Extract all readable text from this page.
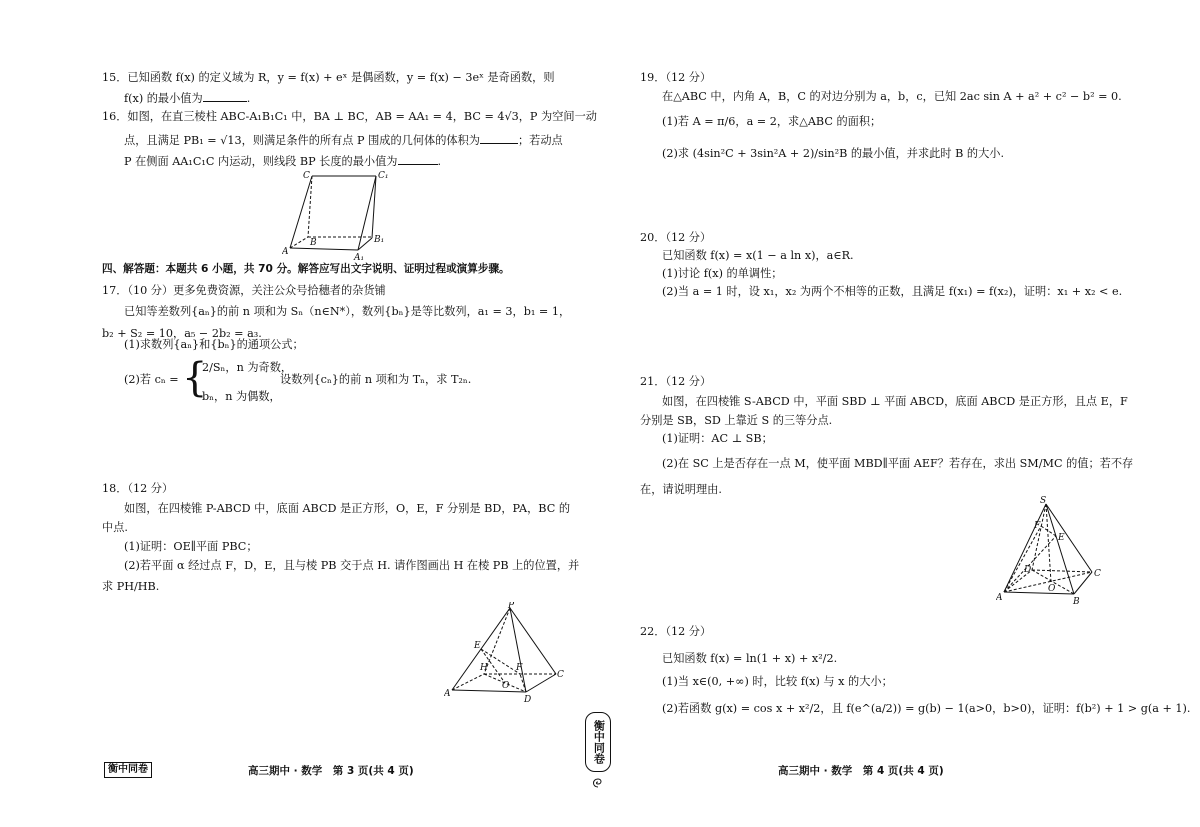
15．已知函数 f(x) 的定义域为 R，y = f(x) + eˣ 是偶函数，y = f(x) − 3eˣ 是奇函数，则
f(x) 的最小值为	.
16．如图，在直三棱柱 ABC-A₁B₁C₁ 中，BA ⊥ BC，AB = AA₁ = 4，BC = 4√3，P 为空间一动
点，且满足 PB₁ = √13，则满足条件的所有点 P 围成的几何体的体积为	；若动点
P 在侧面 AA₁C₁C 内运动，则线段 BP 长度的最小值为	.
C	C₁
A
B	B₁
A₁
四、解答题：本题共 6 小题，共 70 分。解答应写出文字说明、证明过程或演算步骤。
17．（10 分）更多免费资源，关注公众号拾穗者的杂货铺
已知等差数列{aₙ}的前 n 项和为 Sₙ（n∈N*），数列{bₙ}是等比数列，a₁ = 3，b₁ = 1，
b₂ + S₂ = 10，a₅ − 2b₂ = a₃.
(1)求数列{aₙ}和{bₙ}的通项公式；
(2)若 cₙ = {
2/Sₙ，n 为奇数，
bₙ，n 为偶数，
设数列{cₙ}的前 n 项和为 Tₙ，求 T₂ₙ.
18．（12 分）
如图，在四棱锥 P-ABCD 中，底面 ABCD 是正方形，O，E，F 分别是 BD，PA，BC 的
中点.
(1)证明：OE∥平面 PBC；
(2)若平面 α 经过点 F，D，E，且与棱 PB 交于点 H. 请作图画出 H 在棱 PB 上的位置，并
求 PH/HB.
P
E
H	F
O
A
D
C
19．（12 分）
在△ABC 中，内角 A，B，C 的对边分别为 a，b，c，已知 2ac sin A + a² + c² − b² = 0.
(1)若 A = π/6，a = 2，求△ABC 的面积；
(2)求 (4sin²C + 3sin²A + 2)/sin²B 的最小值，并求此时 B 的大小.
20．（12 分）
已知函数 f(x) = x(1 − a ln x)，a∈R.
(1)讨论 f(x) 的单调性；
(2)当 a = 1 时，设 x₁，x₂ 为两个不相等的正数，且满足 f(x₁) = f(x₂)，证明：x₁ + x₂ < e.
21．（12 分）
如图，在四棱锥 S-ABCD 中，平面 SBD ⊥ 平面 ABCD，底面 ABCD 是正方形，且点 E，F
分别是 SB，SD 上靠近 S 的三等分点.
(1)证明：AC ⊥ SB；
(2)在 SC 上是否存在一点 M，使平面 MBD∥平面 AEF？若存在，求出 SM/MC 的值；若不存
在，请说明理由.
S
F
E
D
O
A
C
B
22．（12 分）
已知函数 f(x) = ln(1 + x) + x²/2.
(1)当 x∈(0, +∞) 时，比较 f(x) 与 x 的大小；
(2)若函数 g(x) = cos x + x²/2，且 f(e^(a/2)) = g(b) − 1(a>0，b>0)，证明：f(b²) + 1 > g(a + 1).
衡中同卷	高三期中 · 数学　第 3 页(共 4 页)
衡中同卷
高三期中 · 数学　第 4 页(共 4 页)
